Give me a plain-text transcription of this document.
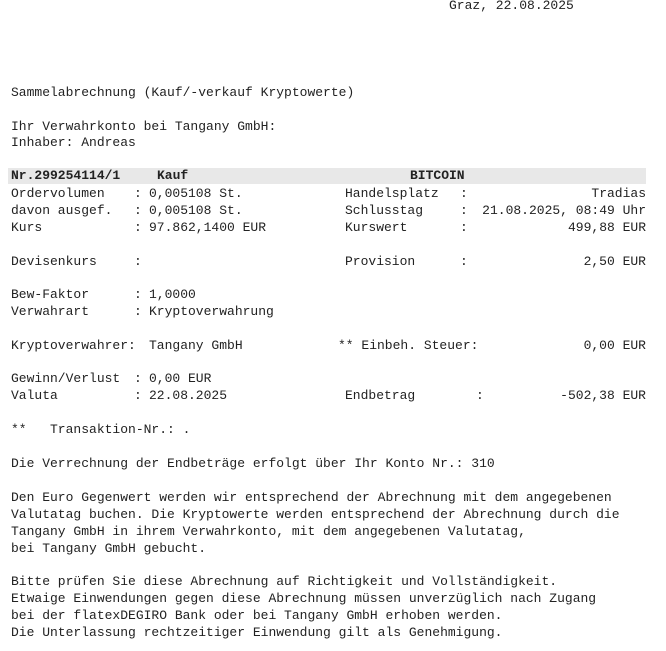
Graz, 22.08.2025
Sammelabrechnung (Kauf/-verkauf Kryptowerte)
Ihr Verwahrkonto bei Tangany GmbH:
Inhaber: Andreas
Nr.299254114/1	Kauf	BITCOIN
Ordervolumen : 0,005108 St.	Handelsplatz :	Tradias
davon ausgef. : 0,005108 St.	Schlusstag	: 21.08.2025, 08:49 Uhr
Kurs	: 97.862,1400 EUR	Kurswert	:	499,88 EUR
Devisenkurs	:	Provision	:	2,50 EUR
Bew-Faktor	: 1,0000
Verwahrart	: Kryptoverwahrung
Kryptoverwahrer: Tangany GmbH	** Einbeh. Steuer:	0,00 EUR
Gewinn/Verlust : 0,00 EUR
Valuta	: 22.08.2025	Endbetrag	:	-502,38 EUR
**   Transaktion-Nr.: .
Die Verrechnung der Endbeträge erfolgt über Ihr Konto Nr.: 310
Den Euro Gegenwert werden wir entsprechend der Abrechnung mit dem angegebenen
Valutatag buchen. Die Kryptowerte werden entsprechend der Abrechnung durch die
Tangany GmbH in ihrem Verwahrkonto, mit dem angegebenen Valutatag,
bei Tangany GmbH gebucht.
Bitte prüfen Sie diese Abrechnung auf Richtigkeit und Vollständigkeit.
Etwaige Einwendungen gegen diese Abrechnung müssen unverzüglich nach Zugang
bei der flatexDEGIRO Bank oder bei Tangany GmbH erhoben werden.
Die Unterlassung rechtzeitiger Einwendung gilt als Genehmigung.
